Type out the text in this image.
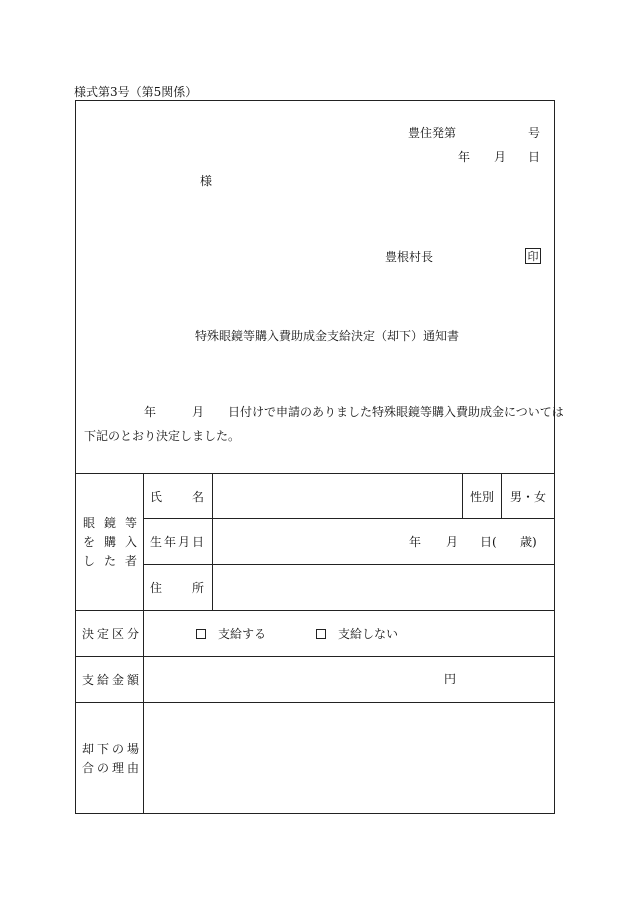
様式第3号（第5関係）
豊住発第	号
年 月 日
様
豊根村長	印
特殊眼鏡等購入費助成金支給決定（却下）通知書
年	月 日付けで申請のありました特殊眼鏡等購入費助成金については
下記のとおり決定しました。
眼 鏡 等
を 購 入
し た 者
氏 名	性別	男・女
生年月日	年 月 日( 歳)
住 所
決定区分	支給する	支給しない
支給金額	円
却下の場
合の理由
